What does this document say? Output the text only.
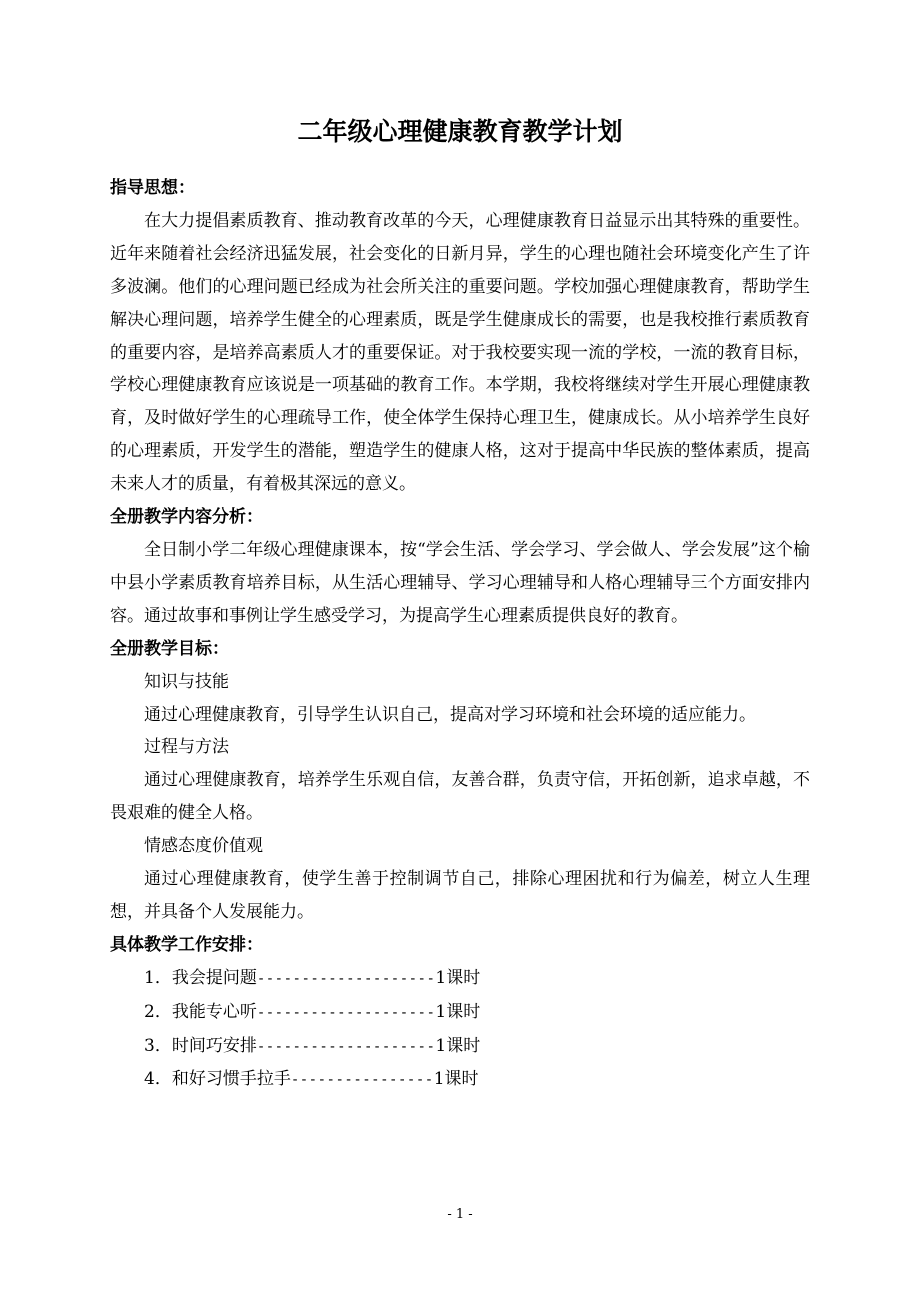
二年级心理健康教育教学计划
指导思想：

在大力提倡素质教育、推动教育改革的今天，心理健康教育日益显示出其特殊的重要性。近年来随着社会经济迅猛发展，社会变化的日新月异，学生的心理也随社会环境变化产生了许多波澜。他们的心理问题已经成为社会所关注的重要问题。学校加强心理健康教育，帮助学生解决心理问题，培养学生健全的心理素质，既是学生健康成长的需要，也是我校推行素质教育的重要内容，是培养高素质人才的重要保证。对于我校要实现一流的学校，一流的教育目标，学校心理健康教育应该说是一项基础的教育工作。本学期，我校将继续对学生开展心理健康教育，及时做好学生的心理疏导工作，使全体学生保持心理卫生，健康成长。从小培养学生良好的心理素质，开发学生的潜能，塑造学生的健康人格，这对于提高中华民族的整体素质，提高未来人才的质量，有着极其深远的意义。

全册教学内容分析：

全日制小学二年级心理健康课本，按“学会生活、学会学习、学会做人、学会发展”这个榆中县小学素质教育培养目标，从生活心理辅导、学习心理辅导和人格心理辅导三个方面安排内容。通过故事和事例让学生感受学习，为提高学生心理素质提供良好的教育。

全册教学目标：
知识与技能

通过心理健康教育，引导学生认识自己，提高对学习环境和社会环境的适应能力。

过程与方法

通过心理健康教育，培养学生乐观自信，友善合群，负责守信，开拓创新，追求卓越，不畏艰难的健全人格。

情感态度价值观

通过心理健康教育，使学生善于控制调节自己，排除心理困扰和行为偏差，树立人生理想，并具备个人发展能力。

具体教学工作安排：
1．我会提问题--------------------1课时
2．我能专心听--------------------1课时
3．时间巧安排--------------------1课时
4．和好习惯手拉手----------------1课时
- 1 -
